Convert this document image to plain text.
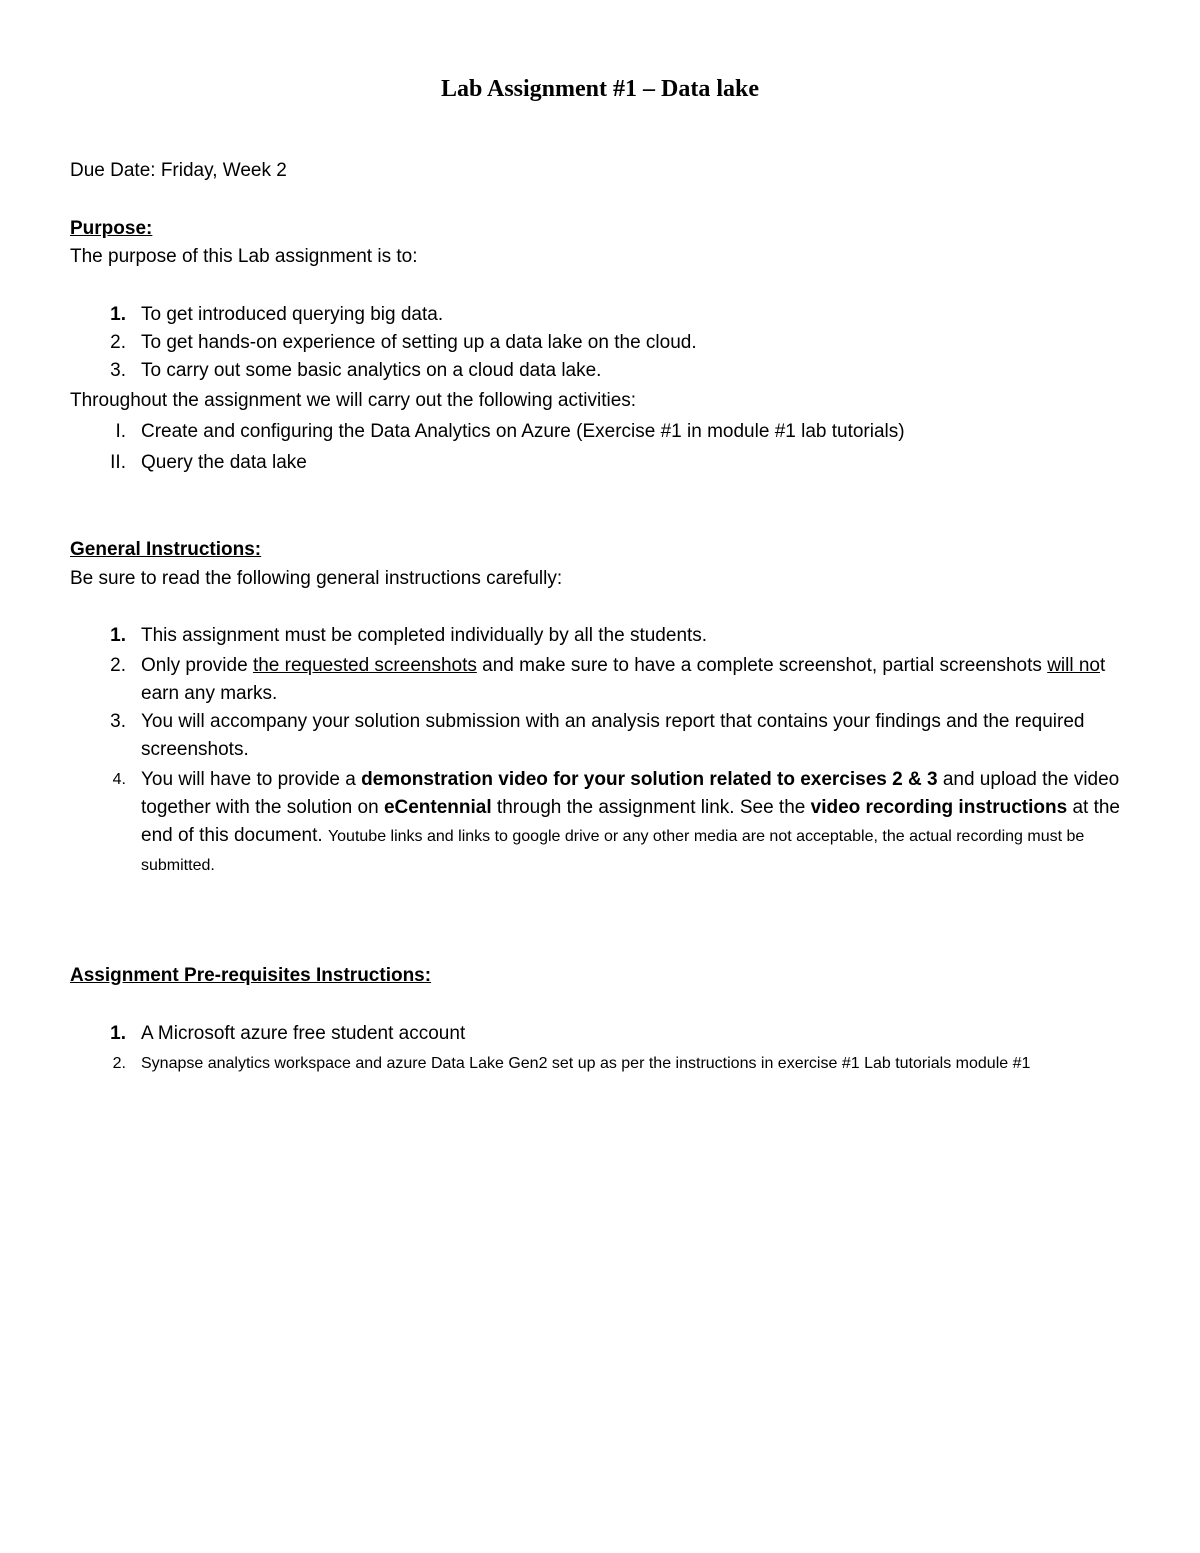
Lab Assignment #1 – Data lake
Due Date: Friday, Week 2
Purpose:
The purpose of this Lab assignment is to:
1. To get introduced querying big data.
2. To get hands-on experience of setting up a data lake on the cloud.
3. To carry out some basic analytics on a cloud data lake.
Throughout the assignment we will carry out the following activities:
I. Create and configuring the Data Analytics on Azure (Exercise #1 in module #1 lab tutorials)
II. Query the data lake
General Instructions:
Be sure to read the following general instructions carefully:
1. This assignment must be completed individually by all the students.
2. Only provide the requested screenshots and make sure to have a complete screenshot, partial screenshots will not earn any marks.
3. You will accompany your solution submission with an analysis report that contains your findings and the required screenshots.
4. You will have to provide a demonstration video for your solution related to exercises 2 & 3 and upload the video together with the solution on eCentennial through the assignment link. See the video recording instructions at the end of this document. Youtube links and links to google drive or any other media are not acceptable, the actual recording must be submitted.
Assignment Pre-requisites Instructions:
1. A Microsoft azure free student account
2. Synapse analytics workspace and azure Data Lake Gen2 set up as per the instructions in exercise #1 Lab tutorials module #1
